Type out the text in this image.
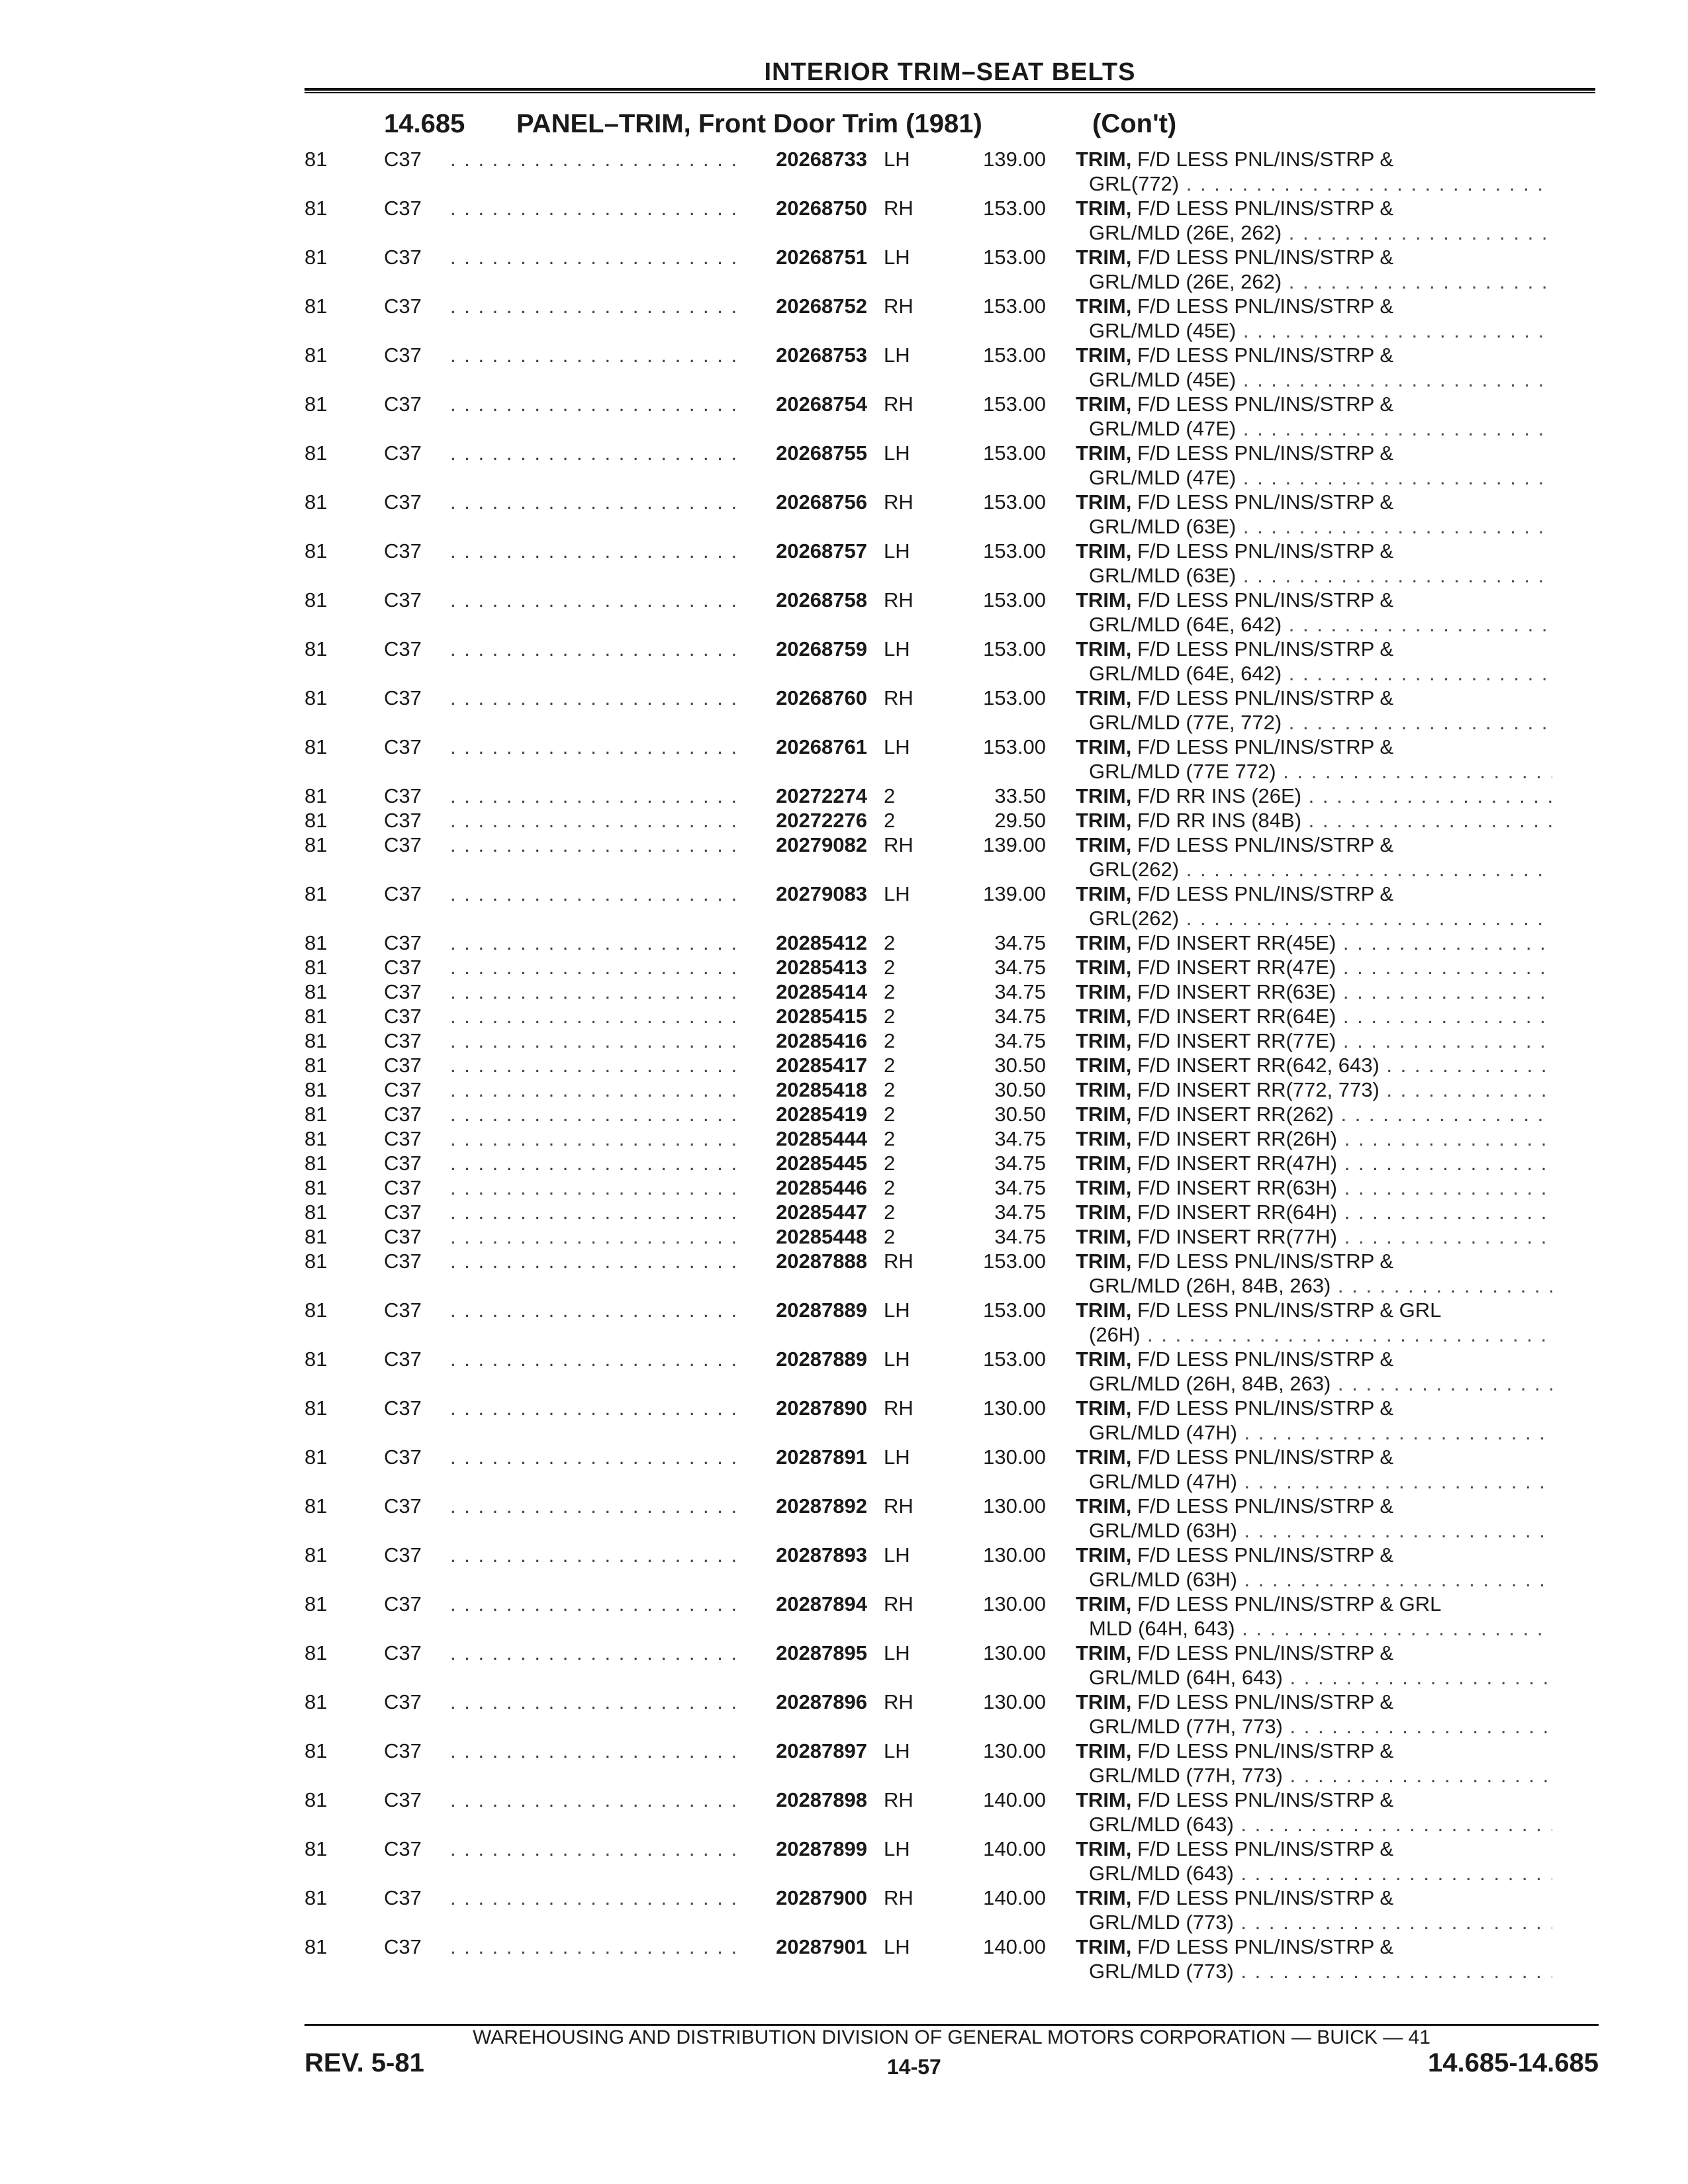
INTERIOR TRIM–SEAT BELTS
14.685 PANEL–TRIM, Front Door Trim (1981)	(Con't)
81	C37	20268733 LH	139.00 . . . TRIM, F/D LESS PNL/INS/STRP &
GRL(772) . . .
81	C37	20268750 RH	153.00 . . . TRIM, F/D LESS PNL/INS/STRP &
GRL/MLD (26E, 262) . . .
81	C37	20268751 LH	153.00 . . . TRIM, F/D LESS PNL/INS/STRP &
GRL/MLD (26E, 262) . . .
81	C37	20268752 RH	153.00 . . . TRIM, F/D LESS PNL/INS/STRP &
GRL/MLD (45E) . . .
81	C37	20268753 LH	153.00 . . . TRIM, F/D LESS PNL/INS/STRP &
GRL/MLD (45E) . . .
81	C37	20268754 RH	153.00 . . . TRIM, F/D LESS PNL/INS/STRP &
GRL/MLD (47E) . . .
81	C37	20268755 LH	153.00 . . . TRIM, F/D LESS PNL/INS/STRP &
GRL/MLD (47E) . . .
81	C37	20268756 RH	153.00 . . . TRIM, F/D LESS PNL/INS/STRP &
GRL/MLD (63E) . . .
81	C37	20268757 LH	153.00 . . . TRIM, F/D LESS PNL/INS/STRP &
GRL/MLD (63E) . . .
81	C37	20268758 RH	153.00 . . . TRIM, F/D LESS PNL/INS/STRP &
GRL/MLD (64E, 642) . . .
81	C37	20268759 LH	153.00 . . . TRIM, F/D LESS PNL/INS/STRP &
GRL/MLD (64E, 642) . . .
81	C37	20268760 RH	153.00 . . . TRIM, F/D LESS PNL/INS/STRP &
GRL/MLD (77E, 772) . . .
81	C37	20268761 LH	153.00 . . . TRIM, F/D LESS PNL/INS/STRP &
GRL/MLD (77E 772) . . .
81	C37	20272274 2	33.50 . . . TRIM, F/D RR INS (26E) . . .
81	C37	20272276 2	29.50 . . . TRIM, F/D RR INS (84B) . . .
81	C37	20279082 RH	139.00 . . . TRIM, F/D LESS PNL/INS/STRP &
GRL(262) . . .
81	C37	20279083 LH	139.00 . . . TRIM, F/D LESS PNL/INS/STRP &
GRL(262) . . .
81	C37	20285412 2	34.75 . . . TRIM, F/D INSERT RR(45E) . . .
81	C37	20285413 2	34.75 . . . TRIM, F/D INSERT RR(47E) . . .
81	C37	20285414 2	34.75 . . . TRIM, F/D INSERT RR(63E) . . .
81	C37	20285415 2	34.75 . . . TRIM, F/D INSERT RR(64E) . . .
81	C37	20285416 2	34.75 . . . TRIM, F/D INSERT RR(77E) . . .
81	C37	20285417 2	30.50 . . . TRIM, F/D INSERT RR(642, 643) . . .
81	C37	20285418 2	30.50 . . . TRIM, F/D INSERT RR(772, 773) . . .
81	C37	20285419 2	30.50 . . . TRIM, F/D INSERT RR(262) . . .
81	C37	20285444 2	34.75 . . . TRIM, F/D INSERT RR(26H) . . .
81	C37	20285445 2	34.75 . . . TRIM, F/D INSERT RR(47H) . . .
81	C37	20285446 2	34.75 . . . TRIM, F/D INSERT RR(63H) . . .
81	C37	20285447 2	34.75 . . . TRIM, F/D INSERT RR(64H) . . .
81	C37	20285448 2	34.75 . . . TRIM, F/D INSERT RR(77H) . . .
81	C37	20287888 RH	153.00 . . . TRIM, F/D LESS PNL/INS/STRP &
GRL/MLD (26H, 84B, 263) . . .
81	C37	20287889 LH	153.00 . . . TRIM, F/D LESS PNL/INS/STRP & GRL
(26H) . . .
81	C37	20287889 LH	153.00 . . . TRIM, F/D LESS PNL/INS/STRP &
GRL/MLD (26H, 84B, 263) . . .
81	C37	20287890 RH	130.00 . . . TRIM, F/D LESS PNL/INS/STRP &
GRL/MLD (47H) . . .
81	C37	20287891 LH	130.00 . . . TRIM, F/D LESS PNL/INS/STRP &
GRL/MLD (47H) . . .
81	C37	20287892 RH	130.00 . . . TRIM, F/D LESS PNL/INS/STRP &
GRL/MLD (63H) . . .
81	C37	20287893 LH	130.00 . . . TRIM, F/D LESS PNL/INS/STRP &
GRL/MLD (63H) . . .
81	C37	20287894 RH	130.00 . . . TRIM, F/D LESS PNL/INS/STRP & GRL
MLD (64H, 643) . . .
81	C37	20287895 LH	130.00 . . . TRIM, F/D LESS PNL/INS/STRP &
GRL/MLD (64H, 643) . . .
81	C37	20287896 RH	130.00 . . . TRIM, F/D LESS PNL/INS/STRP &
GRL/MLD (77H, 773) . . .
81	C37	20287897 LH	130.00 . . . TRIM, F/D LESS PNL/INS/STRP &
GRL/MLD (77H, 773) . . .
81	C37	20287898 RH	140.00 . . . TRIM, F/D LESS PNL/INS/STRP &
GRL/MLD (643) . . .
81	C37	20287899 LH	140.00 . . . TRIM, F/D LESS PNL/INS/STRP &
GRL/MLD (643) . . .
81	C37	20287900 RH	140.00 . . . TRIM, F/D LESS PNL/INS/STRP &
GRL/MLD (773) . . .
81	C37	20287901 LH	140.00 . . . TRIM, F/D LESS PNL/INS/STRP &
GRL/MLD (773) . . .
WAREHOUSING AND DISTRIBUTION DIVISION OF GENERAL MOTORS CORPORATION — BUICK — 41
REV. 5-81	14-57	14.685-14.685
